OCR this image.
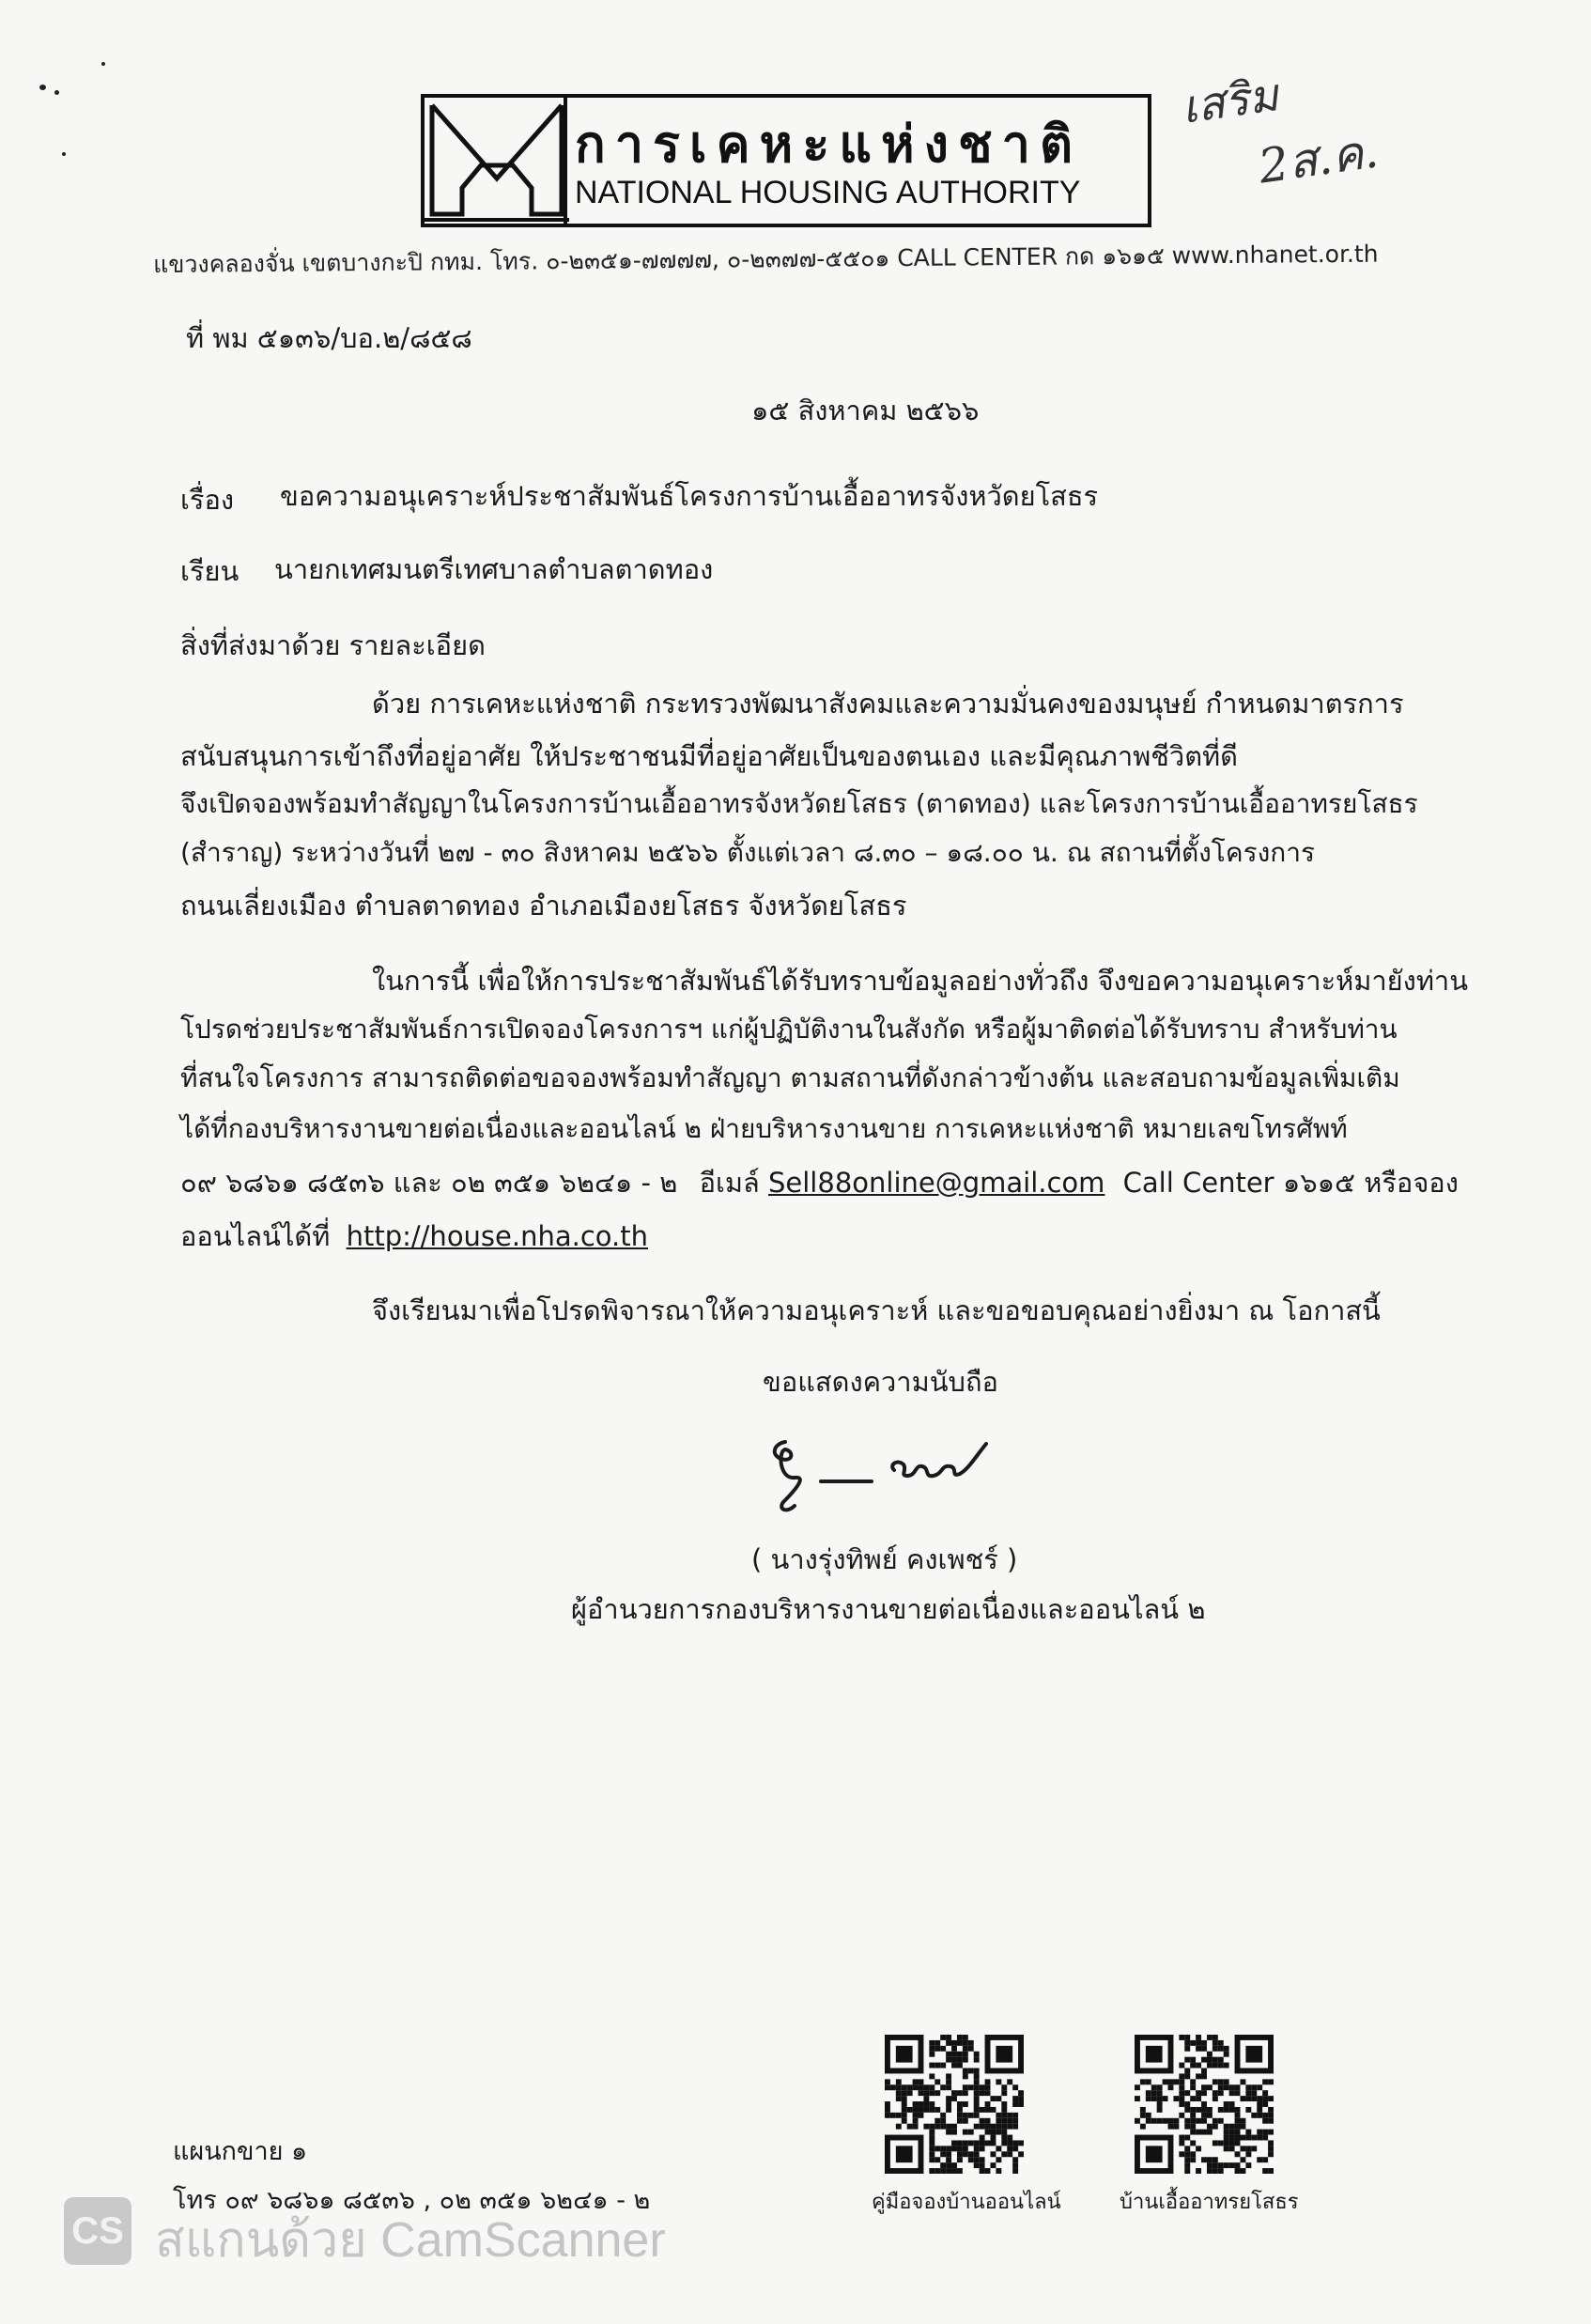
การเคหะแห่งชาติ
NATIONAL HOUSING AUTHORITY
เสริม
2ส.ค.
แขวงคลองจั่น เขตบางกะปิ กทม. โทร. ๐-๒๓๕๑-๗๗๗๗, ๐-๒๓๗๗-๕๕๐๑ CALL CENTER กด ๑๖๑๕ www.nhanet.or.th
ที่ พม ๕๑๓๖/บอ.๒/๘๕๘
๑๕ สิงหาคม ๒๕๖๖
เรื่อง ขอความอนุเคราะห์ประชาสัมพันธ์โครงการบ้านเอื้ออาทรจังหวัดยโสธร
เรียน นายกเทศมนตรีเทศบาลตำบลตาดทอง
สิ่งที่ส่งมาด้วย รายละเอียด
ด้วย การเคหะแห่งชาติ กระทรวงพัฒนาสังคมและความมั่นคงของมนุษย์ กำหนดมาตรการ
สนับสนุนการเข้าถึงที่อยู่อาศัย ให้ประชาชนมีที่อยู่อาศัยเป็นของตนเอง และมีคุณภาพชีวิตที่ดี
จึงเปิดจองพร้อมทำสัญญาในโครงการบ้านเอื้ออาทรจังหวัดยโสธร (ตาดทอง) และโครงการบ้านเอื้ออาทรยโสธร
(สำราญ) ระหว่างวันที่ ๒๗ - ๓๐ สิงหาคม ๒๕๖๖ ตั้งแต่เวลา ๘.๓๐ – ๑๘.๐๐ น. ณ สถานที่ตั้งโครงการ
ถนนเลี่ยงเมือง ตำบลตาดทอง อำเภอเมืองยโสธร จังหวัดยโสธร
ในการนี้ เพื่อให้การประชาสัมพันธ์ได้รับทราบข้อมูลอย่างทั่วถึง จึงขอความอนุเคราะห์มายังท่าน
โปรดช่วยประชาสัมพันธ์การเปิดจองโครงการฯ แก่ผู้ปฏิบัติงานในสังกัด หรือผู้มาติดต่อได้รับทราบ สำหรับท่าน
ที่สนใจโครงการ สามารถติดต่อขอจองพร้อมทำสัญญา ตามสถานที่ดังกล่าวข้างต้น และสอบถามข้อมูลเพิ่มเติม
ได้ที่กองบริหารงานขายต่อเนื่องและออนไลน์ ๒ ฝ่ายบริหารงานขาย การเคหะแห่งชาติ หมายเลขโทรศัพท์
๐๙ ๖๘๖๑ ๘๕๓๖ และ ๐๒ ๓๕๑ ๖๒๔๑ - ๒ อีเมล์ Sell88online@gmail.com Call Center ๑๖๑๕ หรือจอง
ออนไลน์ได้ที่ http://house.nha.co.th
จึงเรียนมาเพื่อโปรดพิจารณาให้ความอนุเคราะห์ และขอขอบคุณอย่างยิ่งมา ณ โอกาสนี้
ขอแสดงความนับถือ
( นางรุ่งทิพย์ คงเพชร์ )
ผู้อำนวยการกองบริหารงานขายต่อเนื่องและออนไลน์ ๒
แผนกขาย ๑
โทร ๐๙ ๖๘๖๑ ๘๕๓๖ , ๐๒ ๓๕๑ ๖๒๔๑ - ๒	คู่มือจองบ้านออนไลน์	บ้านเอื้ออาทรยโสธร
CS สแกนด้วย CamScanner
